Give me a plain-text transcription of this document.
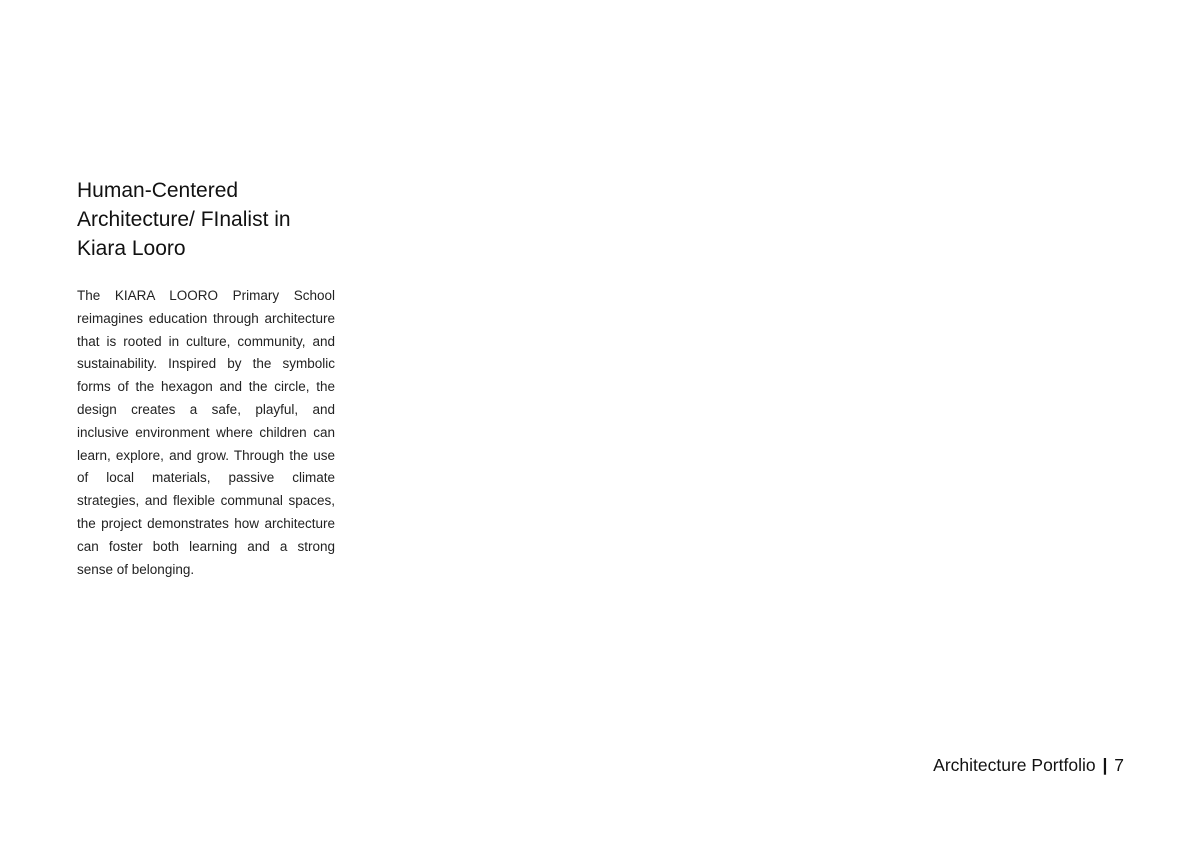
Human-Centered
Architecture/ FInalist in
Kiara Looro

The KIARA LOORO Primary School reimagines education through architecture that is rooted in culture, community, and sustainability. Inspired by the symbolic forms of the hexagon and the circle, the design creates a safe, playful, and inclusive environment where children can learn, explore, and grow. Through the use of local materials, passive climate strategies, and flexible communal spaces, the project demonstrates how architecture can foster both learning and a strong sense of belonging.

Architecture Portfolio | 7
